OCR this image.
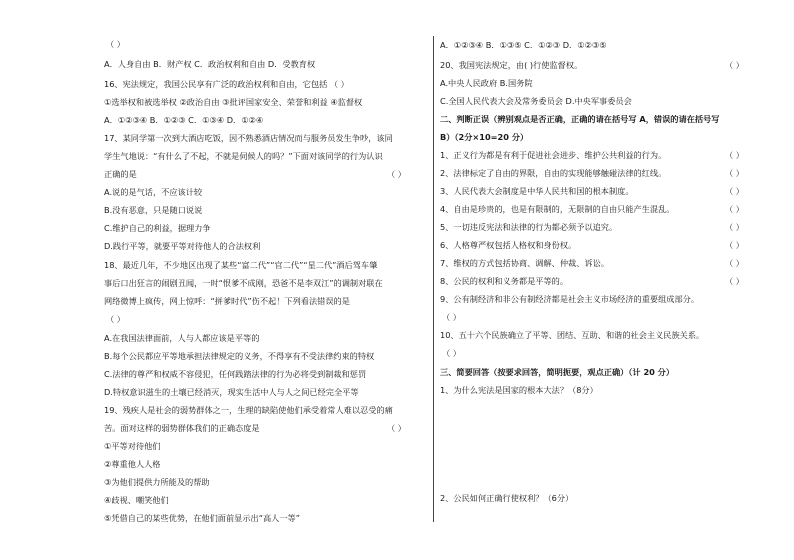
（ ）
A．人身自由 B．财产权 C．政治权利和自由 D．受教育权
16、宪法规定，我国公民享有广泛的政治权利和自由，它包括 （ ）
①选举权和被选举权 ②政治自由 ③批评国家安全、荣誉和利益 ④监督权
A．①②③④ B．①②③ C．①③④ D．①②④
17、某同学第一次到大酒店吃饭，因不熟悉酒店情况而与服务员发生争吵，该同
学生气地说：“有什么了不起，不就是伺候人的吗？”下面对该同学的行为认识
正确的是	（ ）
A.说的是气话，不应该计较
B.没有恶意，只是随口说说
C.维护自己的利益，据理力争
D.践行平等，就要平等对待他人的合法权利
18、最近几年，不少地区出现了某些“富二代”“官二代”“星二代”酒后驾车肇
事后口出狂言的闹剧丑闻，一时“恨爹不成刚，恐爸不是李双江”的调制对联在
网络微博上疯传，网上惊呼：“拼爹时代”伤不起！下列看法错误的是
（ ）
A.在我国法律面前，人与人都应该是平等的
B.每个公民都应平等地承担法律规定的义务，不得享有不受法律约束的特权
C.法律的尊严和权威不容侵犯，任何践踏法律的行为必将受到制裁和惩罚
D.特权意识滋生的土壤已经消灭，现实生活中人与人之间已经完全平等
19、残疾人是社会的弱势群体之一，生理的缺陷使他们承受着常人难以忍受的痛
苦。面对这样的弱势群体我们的正确态度是	（ ）
①平等对待他们
②尊重他人人格
③为他们提供力所能及的帮助
④歧视、嘲笑他们
⑤凭借自己的某些优势，在他们面前显示出“高人一等”
A．①②③④ B．①③⑤ C．①②③ D．①②③⑤
20、我国宪法规定，由( )行使监督权。	（ ）
A.中央人民政府 B.国务院
C.全国人民代表大会及常务委员会 D.中央军事委员会
二、判断正误（辨别观点是否正确，正确的请在括号写 A，错误的请在括号写
B）（2分×10=20 分）
1、正义行为都是有利于促进社会进步、维护公共利益的行为。	（ ）
2、法律标定了自由的界限，自由的实现能够触碰法律的红线。	（ ）
3、人民代表大会制度是中华人民共和国的根本制度。	（ ）
4、自由是珍贵的，也是有限制的，无限制的自由只能产生混乱。	（ ）
5、一切违反宪法和法律的行为都必须予以追究。	（ ）
6、人格尊严权包括人格权和身份权。	（ ）
7、维权的方式包括协商、调解、仲裁、诉讼。	（ ）
8、公民的权利和义务都是平等的。	（ ）
9、公有制经济和非公有制经济都是社会主义市场经济的重要组成部分。
（ ）
10、五十六个民族确立了平等、团结、互助、和谐的社会主义民族关系。
（ ）
三、简要回答（按要求回答，简明扼要，观点正确）（计 20 分）
1、为什么宪法是国家的根本大法？（8分）
2、公民如何正确行使权利？（6分）
